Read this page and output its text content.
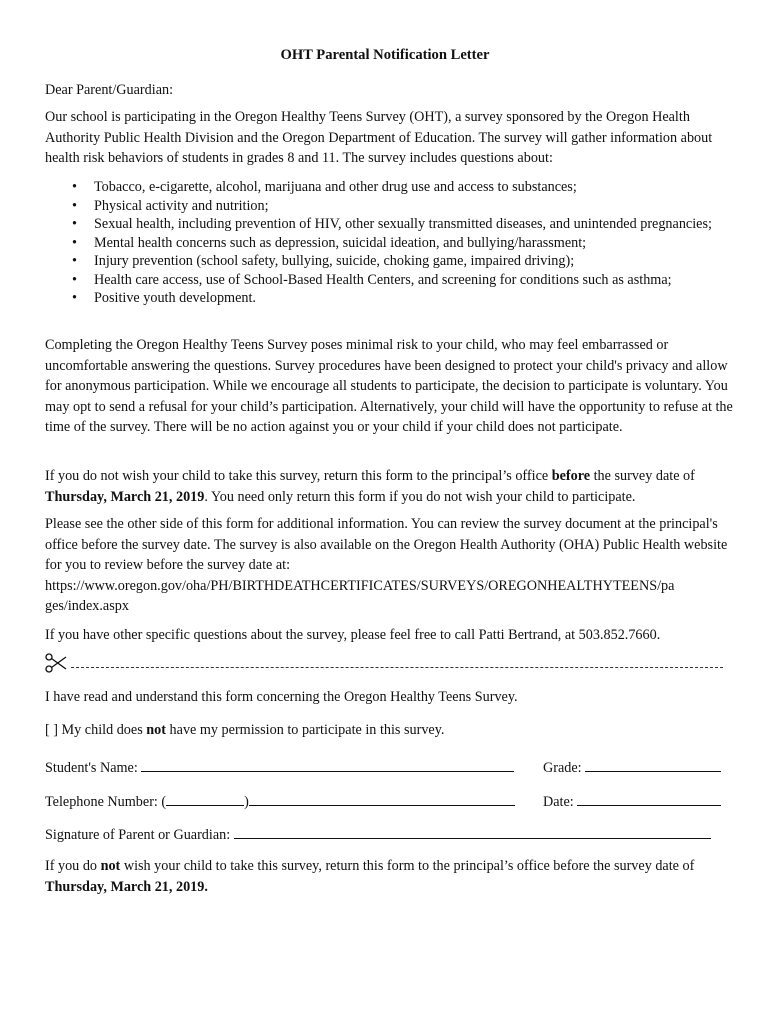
OHT Parental Notification Letter

Dear Parent/Guardian:

Our school is participating in the Oregon Healthy Teens Survey (OHT), a survey sponsored by the Oregon Health Authority Public Health Division and the Oregon Department of Education. The survey will gather information about health risk behaviors of students in grades 8 and 11. The survey includes questions about:

• Tobacco, e-cigarette, alcohol, marijuana and other drug use and access to substances;
• Physical activity and nutrition;
• Sexual health, including prevention of HIV, other sexually transmitted diseases, and unintended pregnancies;
• Mental health concerns such as depression, suicidal ideation, and bullying/harassment;
• Injury prevention (school safety, bullying, suicide, choking game, impaired driving);
• Health care access, use of School-Based Health Centers, and screening for conditions such as asthma;
• Positive youth development.

Completing the Oregon Healthy Teens Survey poses minimal risk to your child, who may feel embarrassed or uncomfortable answering the questions. Survey procedures have been designed to protect your child's privacy and allow for anonymous participation. While we encourage all students to participate, the decision to participate is voluntary. You may opt to send a refusal for your child’s participation. Alternatively, your child will have the opportunity to refuse at the time of the survey. There will be no action against you or your child if your child does not participate.

If you do not wish your child to take this survey, return this form to the principal’s office before the survey date of Thursday, March 21, 2019. You need only return this form if you do not wish your child to participate.

Please see the other side of this form for additional information. You can review the survey document at the principal's office before the survey date. The survey is also available on the Oregon Health Authority (OHA) Public Health website for you to review before the survey date at:
https://www.oregon.gov/oha/PH/BIRTHDEATHCERTIFICATES/SURVEYS/OREGONHEALTHYTEENS/pa
ges/index.aspx

If you have other specific questions about the survey, please feel free to call Patti Bertrand, at 503.852.7660.

I have read and understand this form concerning the Oregon Healthy Teens Survey.
[ ] My child does not have my permission to participate in this survey.
Student's Name:	Grade:
Telephone Number: (	)	Date:
Signature of Parent or Guardian:

If you do not wish your child to take this survey, return this form to the principal’s office before the survey date of Thursday, March 21, 2019.
